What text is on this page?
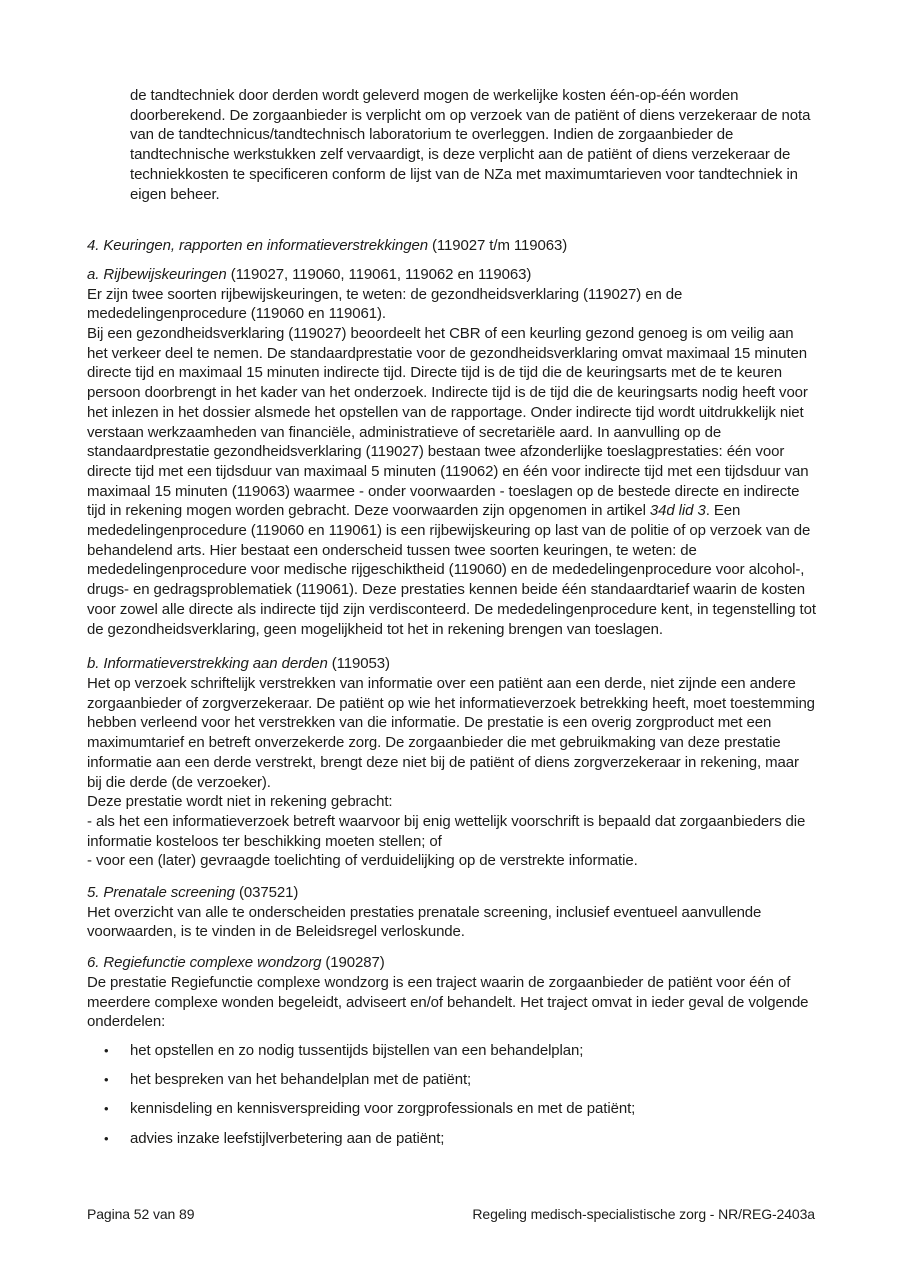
de tandtechniek door derden wordt geleverd mogen de werkelijke kosten één-op-één worden doorberekend. De zorgaanbieder is verplicht om op verzoek van de patiënt of diens verzekeraar de nota van de tandtechnicus/tandtechnisch laboratorium te overleggen. Indien de zorgaanbieder de tandtechnische werkstukken zelf vervaardigt, is deze verplicht aan de patiënt of diens verzekeraar de techniekkosten te specificeren conform de lijst van de NZa met maximumtarieven voor tandtechniek in eigen beheer.

4. Keuringen, rapporten en informatieverstrekkingen (119027 t/m 119063)

a. Rijbewijskeuringen (119027, 119060, 119061, 119062 en 119063)

Er zijn twee soorten rijbewijskeuringen, te weten: de gezondheidsverklaring (119027) en de mededelingenprocedure (119060 en 119061).

Bij een gezondheidsverklaring (119027) beoordeelt het CBR of een keurling gezond genoeg is om veilig aan het verkeer deel te nemen. De standaardprestatie voor de gezondheidsverklaring omvat maximaal 15 minuten directe tijd en maximaal 15 minuten indirecte tijd. Directe tijd is de tijd die de keuringsarts met de te keuren persoon doorbrengt in het kader van het onderzoek. Indirecte tijd is de tijd die de keuringsarts nodig heeft voor het inlezen in het dossier alsmede het opstellen van de rapportage. Onder indirecte tijd wordt uitdrukkelijk niet verstaan werkzaamheden van financiële, administratieve of secretariële aard. In aanvulling op de standaardprestatie gezondheidsverklaring (119027) bestaan twee afzonderlijke toeslagprestaties: één voor directe tijd met een tijdsduur van maximaal 5 minuten (119062) en één voor indirecte tijd met een tijdsduur van maximaal 15 minuten (119063) waarmee - onder voorwaarden - toeslagen op de bestede directe en indirecte tijd in rekening mogen worden gebracht. Deze voorwaarden zijn opgenomen in artikel 34d lid 3. Een mededelingenprocedure (119060 en 119061) is een rijbewijskeuring op last van de politie of op verzoek van de behandelend arts. Hier bestaat een onderscheid tussen twee soorten keuringen, te weten: de mededelingenprocedure voor medische rijgeschiktheid (119060) en de mededelingenprocedure voor alcohol-, drugs- en gedragsproblematiek (119061). Deze prestaties kennen beide één standaardtarief waarin de kosten voor zowel alle directe als indirecte tijd zijn verdisconteerd. De mededelingenprocedure kent, in tegenstelling tot de gezondheidsverklaring, geen mogelijkheid tot het in rekening brengen van toeslagen.

b. Informatieverstrekking aan derden (119053)

Het op verzoek schriftelijk verstrekken van informatie over een patiënt aan een derde, niet zijnde een andere zorgaanbieder of zorgverzekeraar. De patiënt op wie het informatieverzoek betrekking heeft, moet toestemming hebben verleend voor het verstrekken van die informatie. De prestatie is een overig zorgproduct met een maximumtarief en betreft onverzekerde zorg. De zorgaanbieder die met gebruikmaking van deze prestatie informatie aan een derde verstrekt, brengt deze niet bij de patiënt of diens zorgverzekeraar in rekening, maar bij die derde (de verzoeker).

Deze prestatie wordt niet in rekening gebracht:

- als het een informatieverzoek betreft waarvoor bij enig wettelijk voorschrift is bepaald dat zorgaanbieders die informatie kosteloos ter beschikking moeten stellen; of

- voor een (later) gevraagde toelichting of verduidelijking op de verstrekte informatie.

5. Prenatale screening (037521)

Het overzicht van alle te onderscheiden prestaties prenatale screening, inclusief eventueel aanvullende voorwaarden, is te vinden in de Beleidsregel verloskunde.

6. Regiefunctie complexe wondzorg (190287)

De prestatie Regiefunctie complexe wondzorg is een traject waarin de zorgaanbieder de patiënt voor één of meerdere complexe wonden begeleidt, adviseert en/of behandelt. Het traject omvat in ieder geval de volgende onderdelen:

•	het opstellen en zo nodig tussentijds bijstellen van een behandelplan;
•	het bespreken van het behandelplan met de patiënt;
•	kennisdeling en kennisverspreiding voor zorgprofessionals en met de patiënt;
•	advies inzake leefstijlverbetering aan de patiënt;
Pagina 52 van 89	Regeling medisch-specialistische zorg - NR/REG-2403a
